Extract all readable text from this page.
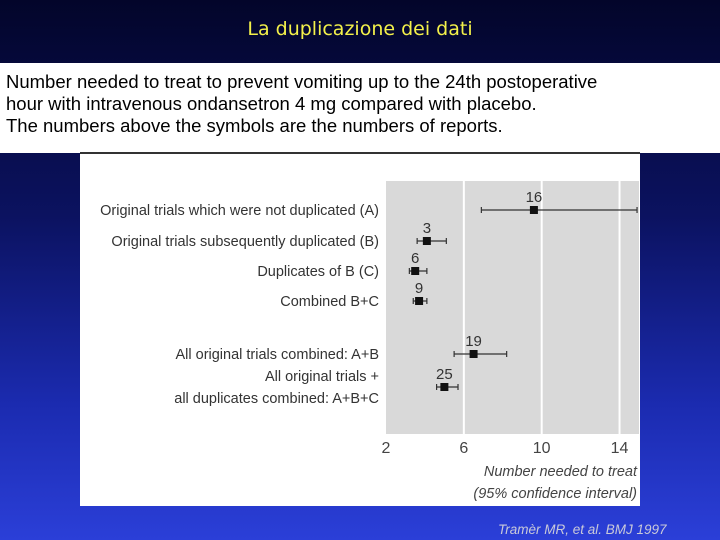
La duplicazione dei dati
Number needed to treat to prevent vomiting up to the 24th postoperative
hour with intravenous ondansetron 4 mg compared with placebo.
The numbers above the symbols are the numbers of reports.
2	6	10	14
Original trials which were not duplicated (A)
16
Original trials subsequently duplicated (B)
3
Duplicates of B (C)
6
Combined B+C
9
All original trials combined: A+B
19
All original trials +
all duplicates combined: A+B+C
25
Number needed to treat
(95% confidence interval)
Tramèr MR, et al. BMJ 1997
